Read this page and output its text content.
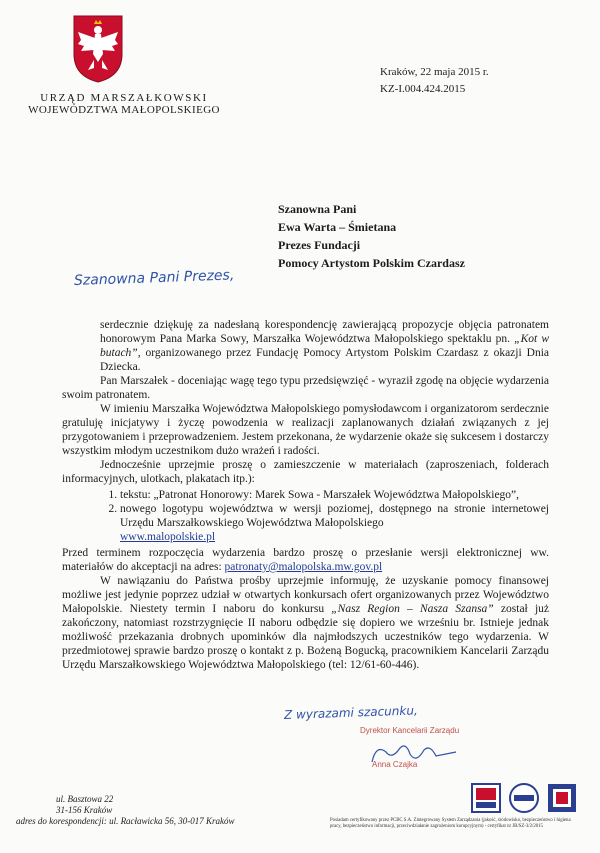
URZĄD MARSZAŁKOWSKI
WOJEWÓDZTWA MAŁOPOLSKIEGO
Kraków, 22 maja 2015 r.
KZ-I.004.424.2015
Szanowna Pani
Ewa Warta – Śmietana
Prezes Fundacji
Pomocy Artystom Polskim Czardasz
Szanowna Pani Prezes,

serdecznie dziękuję za nadesłaną korespondencję zawierającą propozycje objęcia patronatem honorowym Pana Marka Sowy, Marszałka Województwa Małopolskiego spektaklu pn. „Kot w butach”, organizowanego przez Fundację Pomocy Artystom Polskim Czardasz z okazji Dnia Dziecka.

Pan Marszałek - doceniając wagę tego typu przedsięwzięć - wyraził zgodę na objęcie wydarzenia swoim patronatem.

W imieniu Marszałka Województwa Małopolskiego pomysłodawcom i organizatorom serdecznie gratuluję inicjatywy i życzę powodzenia w realizacji zaplanowanych działań związanych z jej przygotowaniem i przeprowadzeniem. Jestem przekonana, że wydarzenie okaże się sukcesem i dostarczy wszystkim młodym uczestnikom dużo wrażeń i radości.

Jednocześnie uprzejmie proszę o zamieszczenie w materiałach (zaproszeniach, folderach informacyjnych, ulotkach, plakatach itp.):

1. tekstu: „Patronat Honorowy: Marek Sowa - Marszałek Województwa Małopolskiego”,
2. nowego logotypu województwa w wersji poziomej, dostępnego na stronie internetowej Urzędu Marszałkowskiego Województwa Małopolskiego
www.malopolskie.pl

Przed terminem rozpoczęcia wydarzenia bardzo proszę o przesłanie wersji elektronicznej ww. materiałów do akceptacji na adres: patronaty@malopolska.mw.gov.pl

W nawiązaniu do Państwa prośby uprzejmie informuję, że uzyskanie pomocy finansowej możliwe jest jedynie poprzez udział w otwartych konkursach ofert organizowanych przez Województwo Małopolskie. Niestety termin I naboru do konkursu „Nasz Region – Nasza Szansa” został już zakończony, natomiast rozstrzygnięcie II naboru odbędzie się dopiero we wrześniu br. Istnieje jednak możliwość przekazania drobnych upominków dla najmłodszych uczestników tego wydarzenia. W przedmiotowej sprawie bardzo proszę o kontakt z p. Bożeną Bogucką, pracownikiem Kancelarii Zarządu Urzędu Marszałkowskiego Województwa Małopolskiego (tel: 12/61-60-446).

Z wyrazami szacunku,
Dyrektor Kancelarii Zarządu
Anna Czajka
ul. Basztowa 22
31-156 Kraków
adres do korespondencji: ul. Racławicka 56, 30-017 Kraków	Posiadam certyfikowany przez PCBC S.A. Zintegrowany System Zarządzania (jakość, środowisko, bezpieczeństwo i higiena pracy, bezpieczeństwo informacji, przeciwdziałanie zagrożeniom korupcyjnym) - certyfikat nr JB/SZ-3/2/2015
